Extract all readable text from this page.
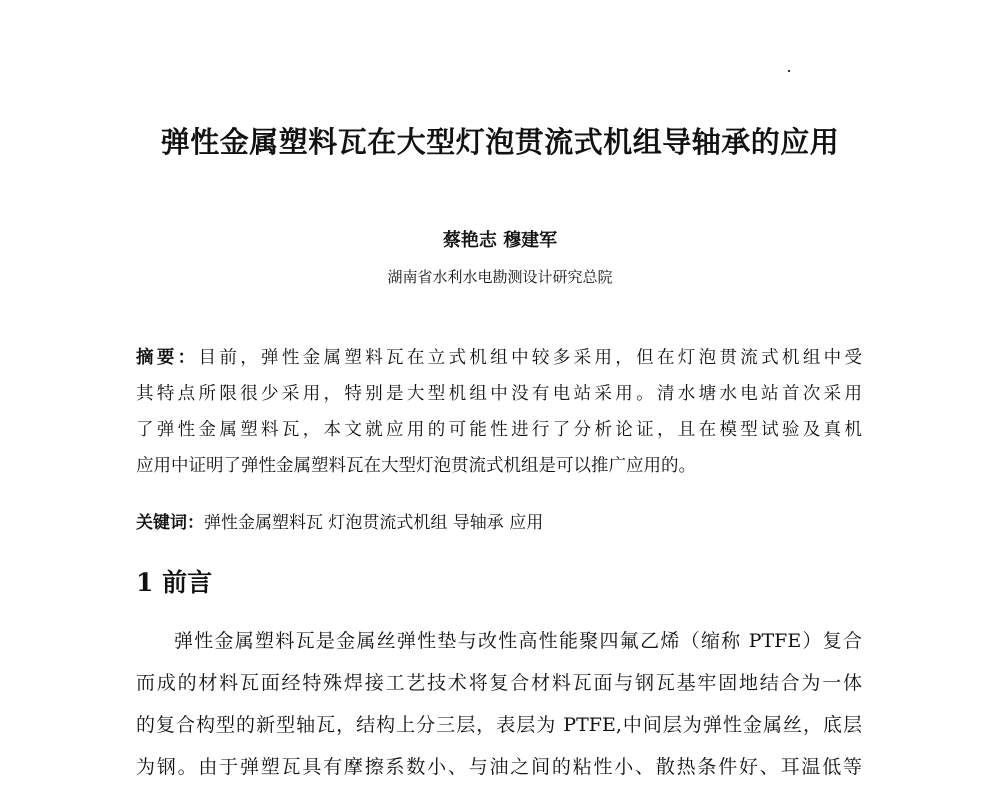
弹性金属塑料瓦在大型灯泡贯流式机组导轴承的应用
蔡艳志 穆建军
湖南省水利水电勘测设计研究总院
摘要：目前，弹性金属塑料瓦在立式机组中较多采用，但在灯泡贯流式机组中受
其特点所限很少采用，特别是大型机组中没有电站采用。清水塘水电站首次采用
了弹性金属塑料瓦，本文就应用的可能性进行了分析论证，且在模型试验及真机
应用中证明了弹性金属塑料瓦在大型灯泡贯流式机组是可以推广应用的。
关键词：弹性金属塑料瓦 灯泡贯流式机组 导轴承 应用
1 前言
弹性金属塑料瓦是金属丝弹性垫与改性高性能聚四氟乙烯（缩称 PTFE）复合
而成的材料瓦面经特殊焊接工艺技术将复合材料瓦面与钢瓦基牢固地结合为一体
的复合构型的新型轴瓦，结构上分三层，表层为 PTFE,中间层为弹性金属丝，底层
为钢。由于弹塑瓦具有摩擦系数小、与油之间的粘性小、散热条件好、耳温低等
